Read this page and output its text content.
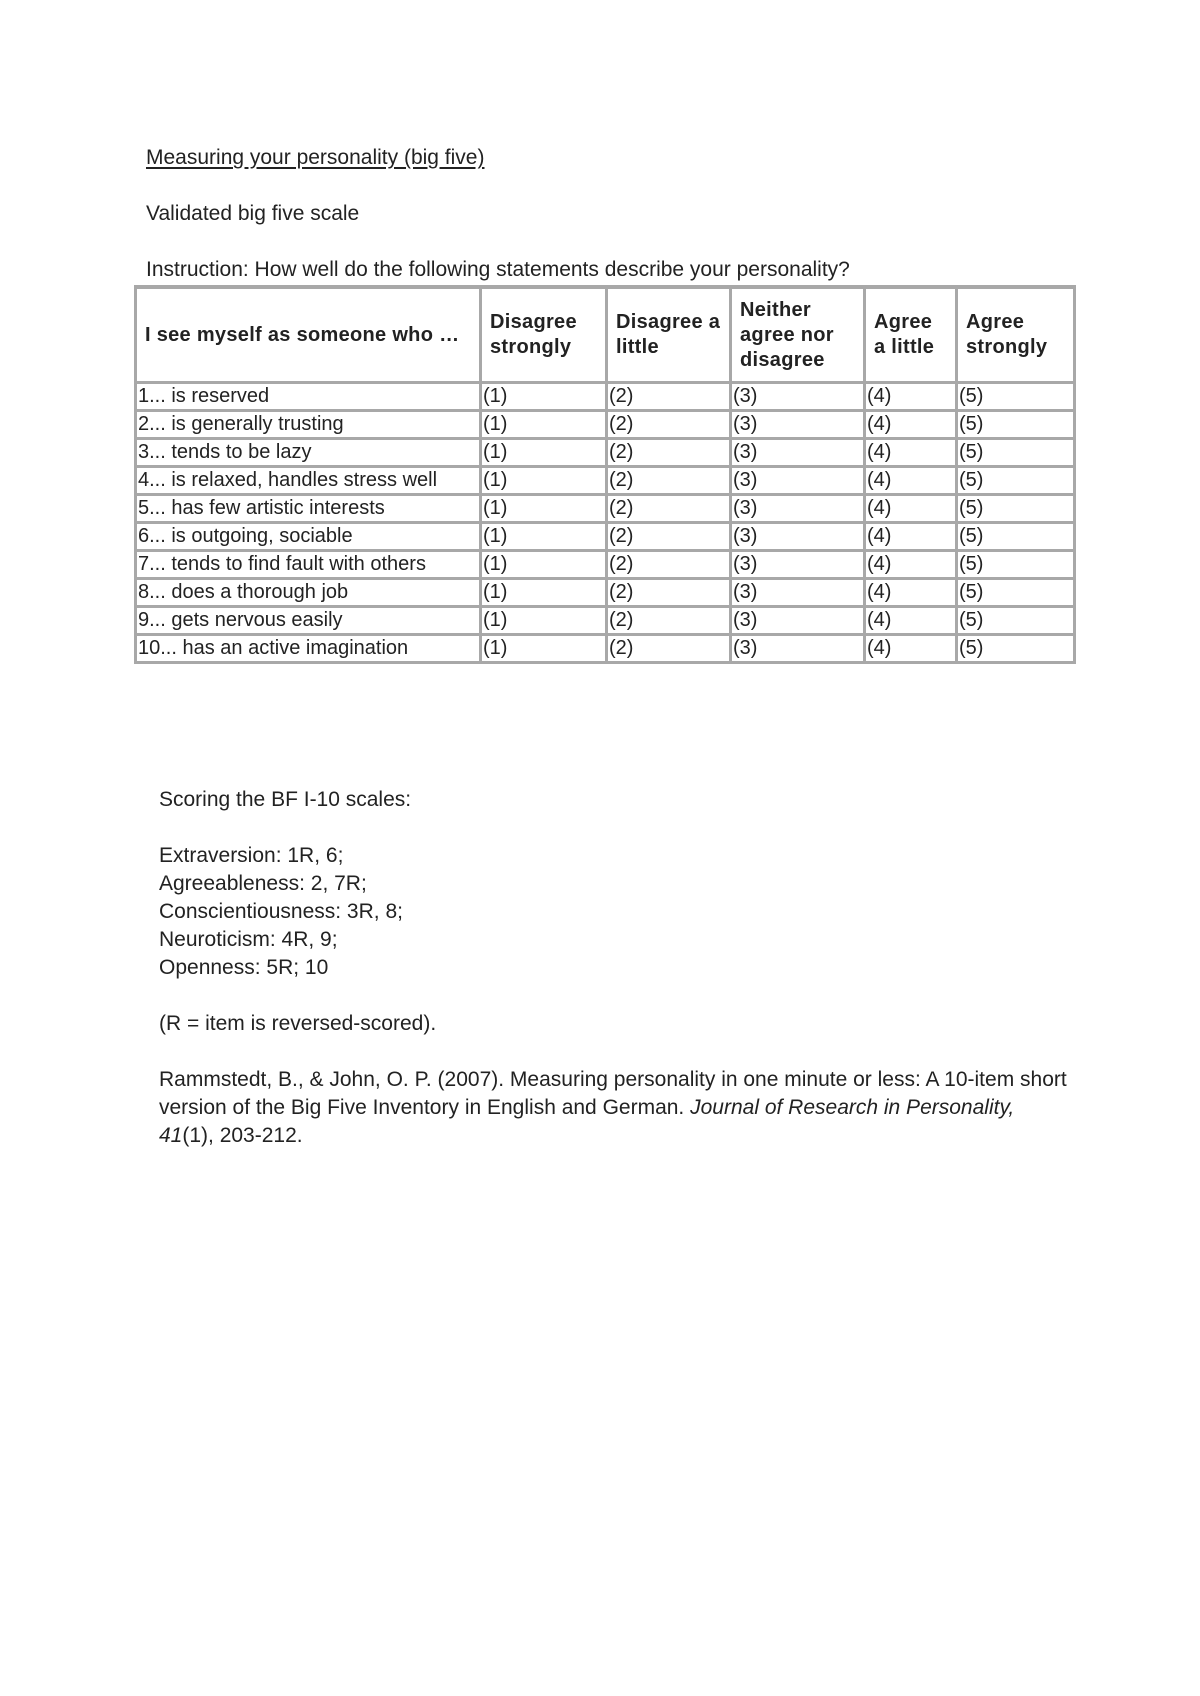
Measuring your personality (big five)
Validated big five scale
Instruction: How well do the following statements describe your personality?
I see myself as someone who …	Disagree strongly	Disagree a little	Neither agree nor disagree	Agree a little	Agree strongly
1... is reserved	(1)	(2)	(3)	(4)	(5)
2... is generally trusting	(1)	(2)	(3)	(4)	(5)
3... tends to be lazy	(1)	(2)	(3)	(4)	(5)
4... is relaxed, handles stress well	(1)	(2)	(3)	(4)	(5)
5... has few artistic interests	(1)	(2)	(3)	(4)	(5)
6... is outgoing, sociable	(1)	(2)	(3)	(4)	(5)
7... tends to find fault with others	(1)	(2)	(3)	(4)	(5)
8... does a thorough job	(1)	(2)	(3)	(4)	(5)
9... gets nervous easily	(1)	(2)	(3)	(4)	(5)
10... has an active imagination	(1)	(2)	(3)	(4)	(5)

Scoring the BF I-10 scales:

Extraversion: 1R, 6;

Agreeableness: 2, 7R;

Conscientiousness: 3R, 8;

Neuroticism: 4R, 9;

Openness: 5R; 10

(R = item is reversed-scored).

Rammstedt, B., & John, O. P. (2007). Measuring personality in one minute or less: A 10-item short version of the Big Five Inventory in English and German. Journal of Research in Personality, 41(1), 203-212.
